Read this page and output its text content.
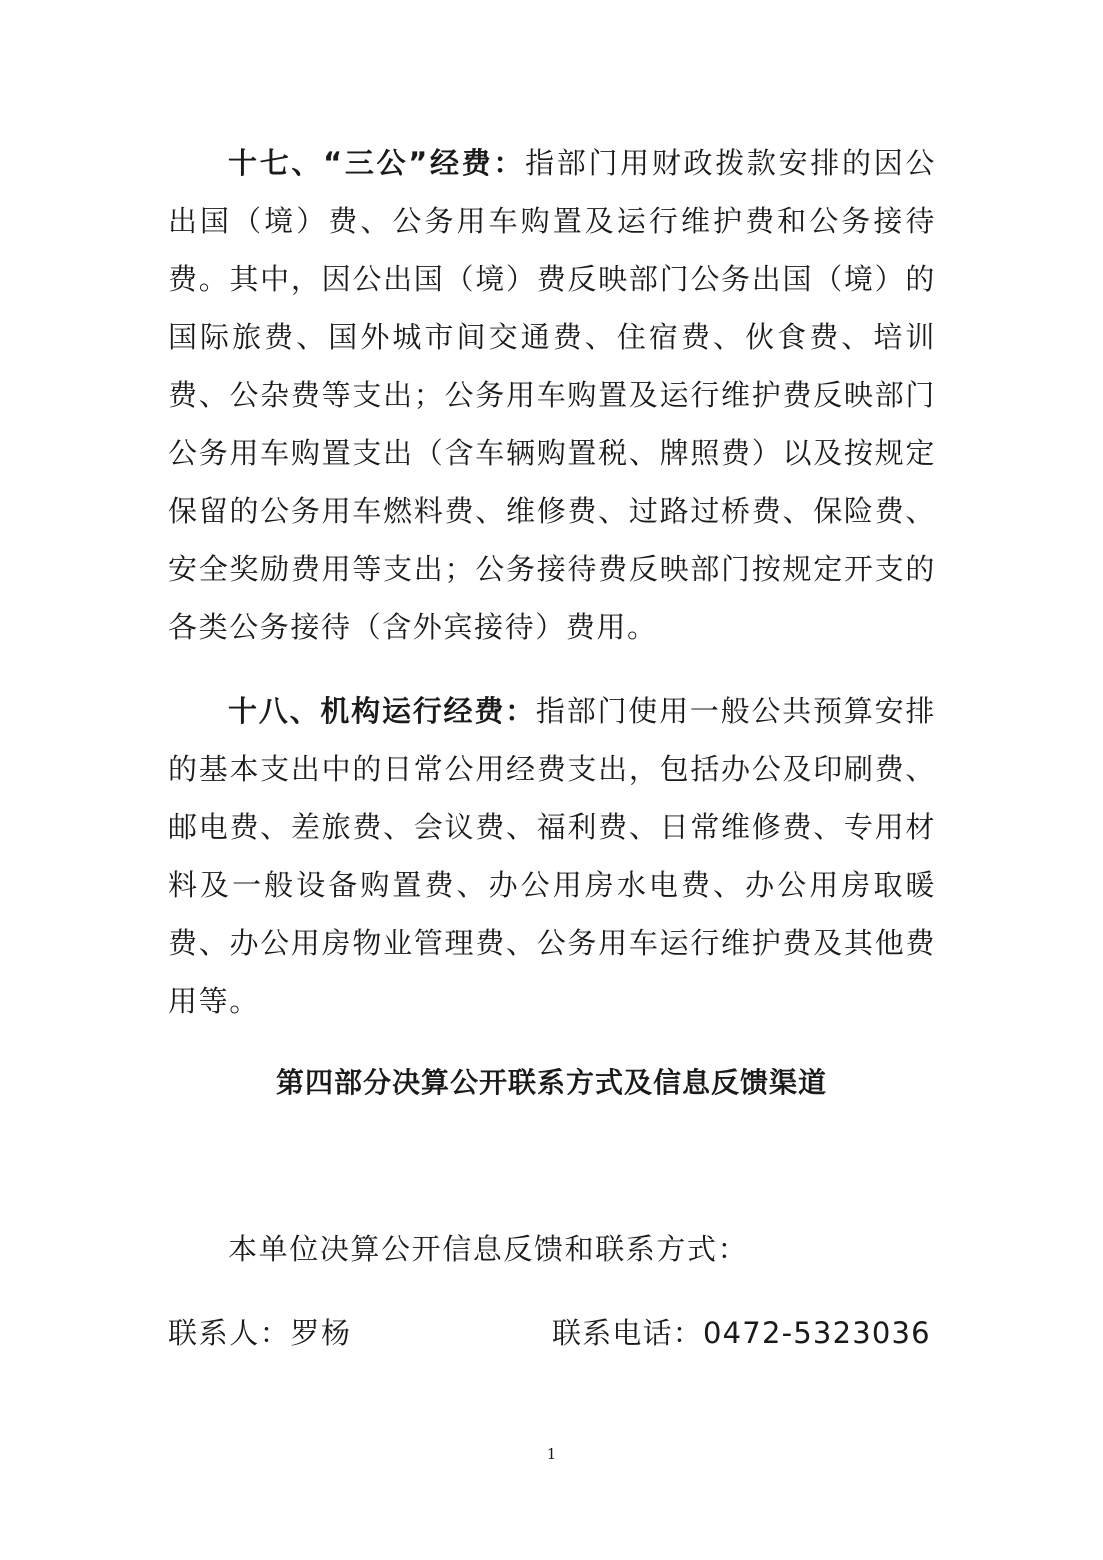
十七、“三公”经费：指部门用财政拨款安排的因公出国（境）费、公务用车购置及运行维护费和公务接待费。其中，因公出国（境）费反映部门公务出国（境）的国际旅费、国外城市间交通费、住宿费、伙食费、培训费、公杂费等支出；公务用车购置及运行维护费反映部门公务用车购置支出（含车辆购置税、牌照费）以及按规定保留的公务用车燃料费、维修费、过路过桥费、保险费、安全奖励费用等支出；公务接待费反映部门按规定开支的各类公务接待（含外宾接待）费用。

十八、机构运行经费：指部门使用一般公共预算安排的基本支出中的日常公用经费支出，包括办公及印刷费、邮电费、差旅费、会议费、福利费、日常维修费、专用材料及一般设备购置费、办公用房水电费、办公用房取暖费、办公用房物业管理费、公务用车运行维护费及其他费用等。

第四部分决算公开联系方式及信息反馈渠道

本单位决算公开信息反馈和联系方式：

联系人：罗杨	联系电话：0472-5323036

1
